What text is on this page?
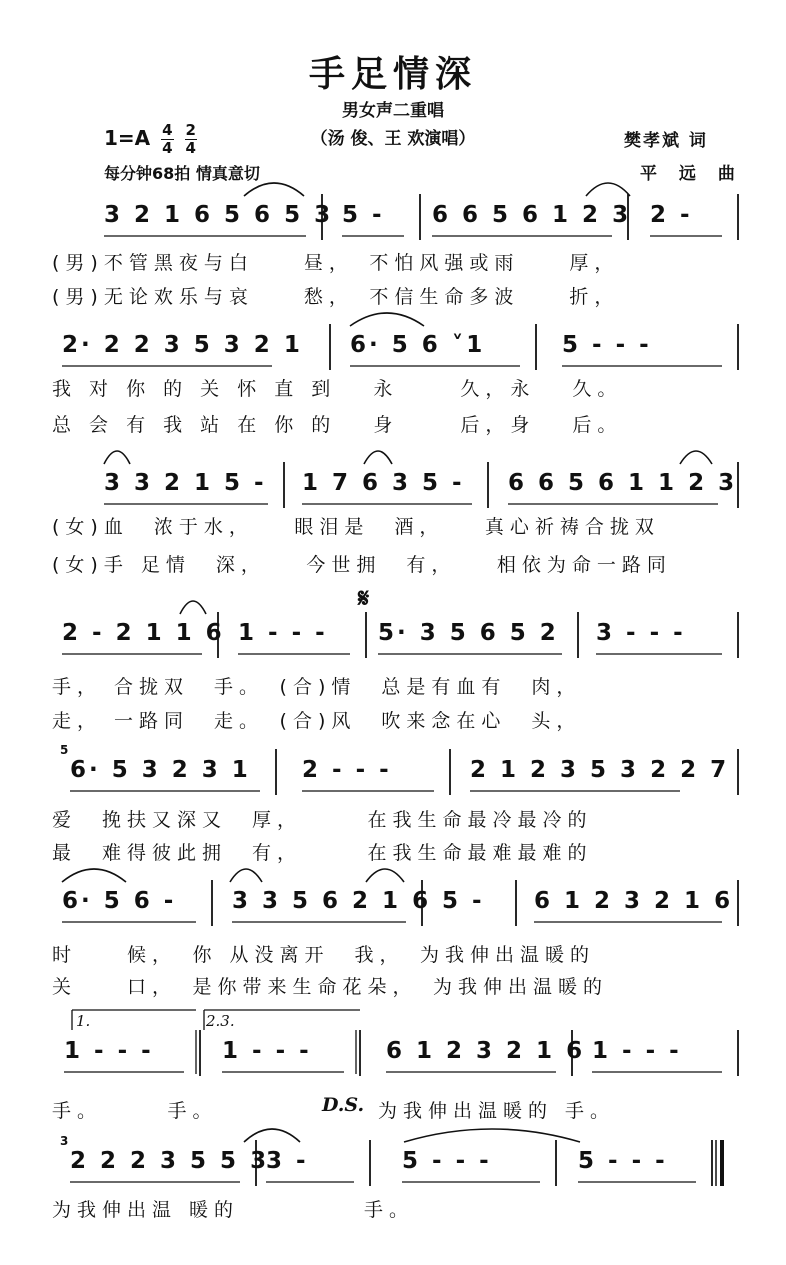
手足情深
男女声二重唱
（汤 俊、王 欢演唱）
$1=A \frac{4}{4}$
$\frac{2}{4}$
每分钟68拍 情真意切
樊孝斌 词
平 远 曲
3 2 1 6 5 6 5 3 5 - 6 6 5 6 1 2 3 2 -
(男)不管黑夜与白　　昼，　不怕风强或雨　　厚，
(男)无论欢乐与哀　　愁，　不信生命多波　　折，
2· 2 2 3 5 3 2 1 6· 5 6 ˅1	5 - - -
我 对 你 的 关 怀 直 到　 永　　 久，永　 久。
总 会 有 我 站 在 你 的　 身　　 后，身　 后。
3 3 2 1 5 - 1 7 6 3 5 - 6 6 5 6 1 1 2 3
(女)血　浓于水，　　眼泪是　酒，　　真心祈祷合拢双
(女)手 足情　深，　　今世拥　有，　　相依为命一路同
2 - 2 1 1 6 1 - - - 5· 3 5 6 5 2 3 - - -
手， 合拢双　手。　(合)情　总是有血有　肉，
走， 一路同　走。　(合)风　吹来念在心　头，
𝄋
6· 5 3 2 3 1 2 - - -	2 1 2 3 5 3 2 2 7
爱　挽扶又深又　厚，　　　在我生命最冷最冷的
最　难得彼此拥　有，　　　在我生命最难最难的
5
6· 5 6 - 3 3 5 6 2 1 6 5 - 6 1 2 3 2 1 6
时　　候，　你 从没离开　我，　为我伸出温暖的
关　　口，　是你带来生命花朵，　为我伸出温暖的
1 - - -	1 - - -	6 1 2 3 2 1 6 1 - - -
手。　　　手。
1.	2.3.
D.S. 为我伸出温暖的 手。
2 2 2 3 5 5 3
3 -	5 - - -	5 - - -
为我伸出温 暖的　　　　　手。
3
